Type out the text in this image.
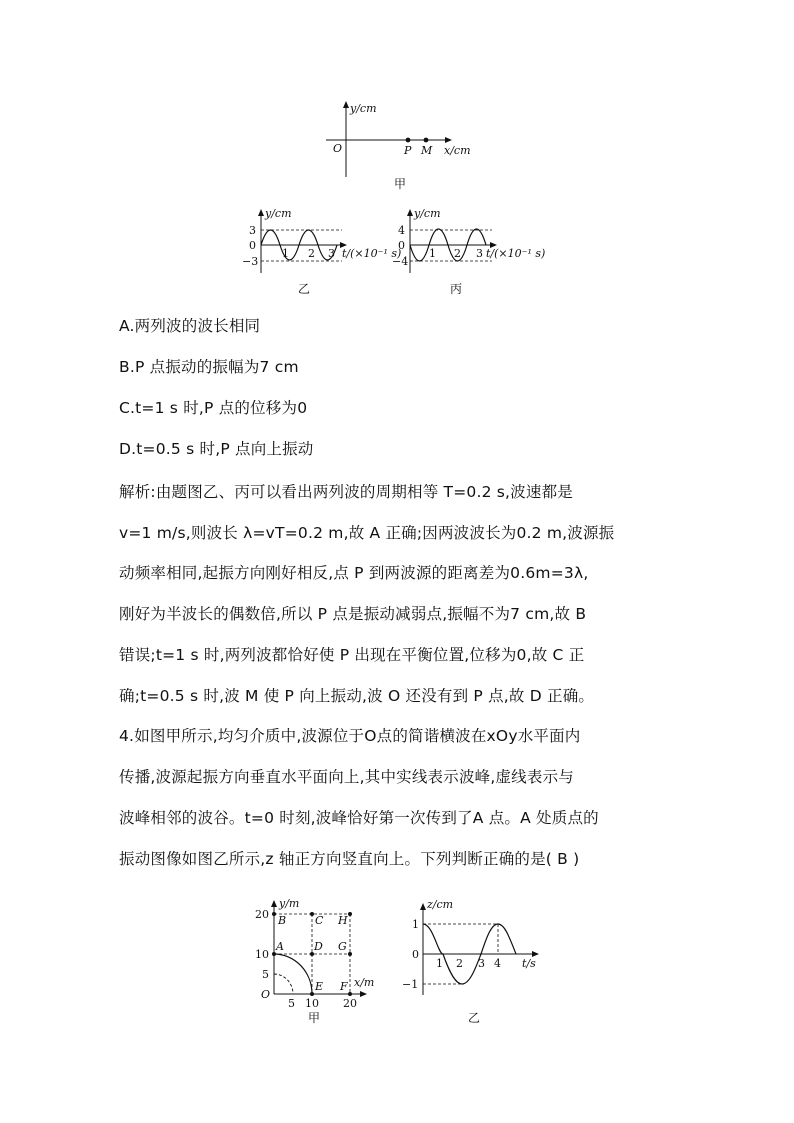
y/cm
O	P M x/cm
甲
y/cm
3
0
−3
1 2 3 t/(×10⁻¹ s)
乙
y/cm
4
0
−4
1 2 3 t/(×10⁻¹ s)
丙
A.两列波的波长相同
B.P 点振动的振幅为7 cm
C.t=1 s 时,P 点的位移为0
D.t=0.5 s 时,P 点向上振动
解析:由题图乙、丙可以看出两列波的周期相等 T=0.2 s,波速都是
v=1 m/s,则波长 λ=vT=0.2 m,故 A 正确;因两波波长为0.2 m,波源振
动频率相同,起振方向刚好相反,点 P 到两波源的距离差为0.6m=3λ,
刚好为半波长的偶数倍,所以 P 点是振动减弱点,振幅不为7 cm,故 B
错误;t=1 s 时,两列波都恰好使 P 出现在平衡位置,位移为0,故 C 正
确;t=0.5 s 时,波 M 使 P 向上振动,波 O 还没有到 P 点,故 D 正确。
4.如图甲所示,均匀介质中,波源位于O点的简谐横波在xOy水平面内
传播,波源起振方向垂直水平面向上,其中实线表示波峰,虚线表示与
波峰相邻的波谷。t=0 时刻,波峰恰好第一次传到了A 点。A 处质点的
振动图像如图乙所示,z 轴正方向竖直向上。下列判断正确的是( B )
y/m
20
10
5
O
B	C H
A	D G
E F x/m
5 10 20
甲
z/cm
1
0
−1
1 2 3 4 t/s
乙
